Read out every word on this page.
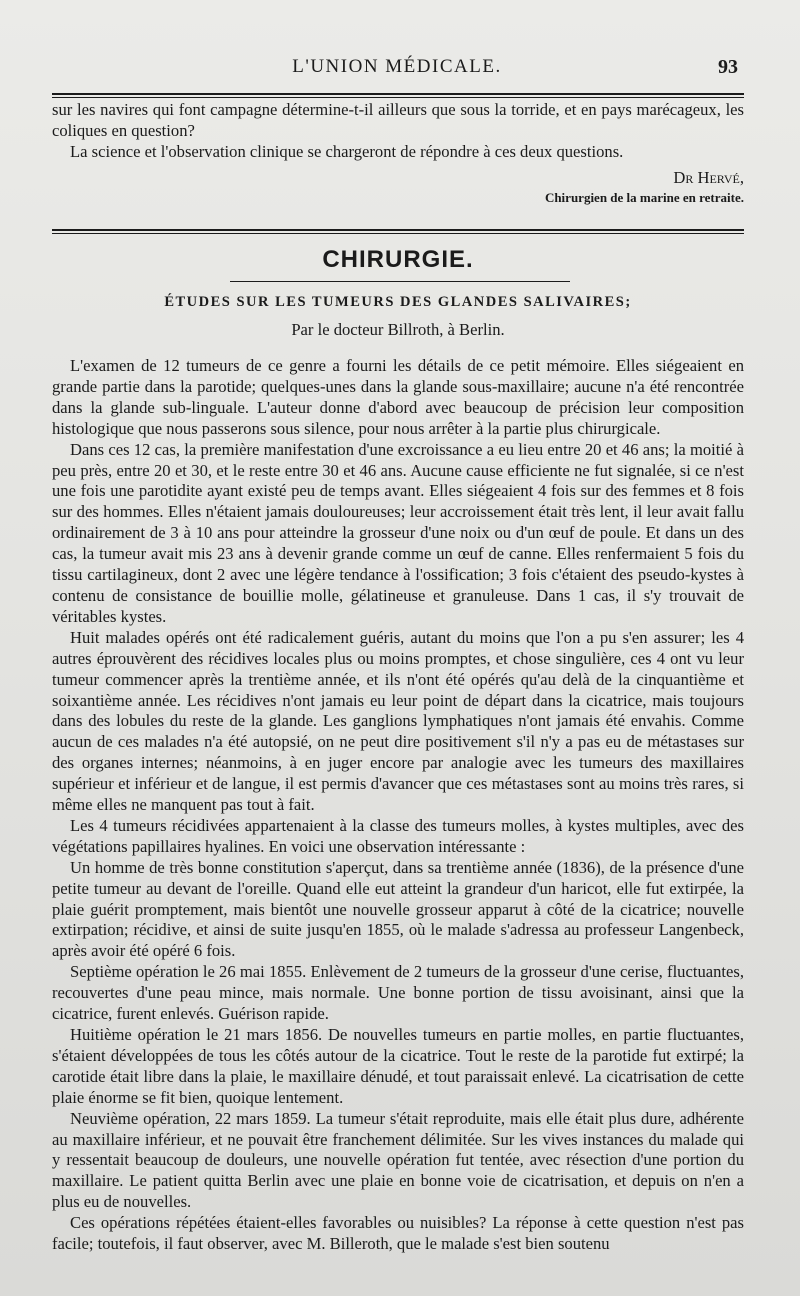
L'UNION MÉDICALE.	93

sur les navires qui font campagne détermine-t-il ailleurs que sous la torride, et en pays marécageux, les coliques en question?

La science et l'observation clinique se chargeront de répondre à ces deux questions.

Dr Hervé,
Chirurgien de la marine en retraite.
CHIRURGIE.
ÉTUDES SUR LES TUMEURS DES GLANDES SALIVAIRES;
Par le docteur Billroth, à Berlin.

L'examen de 12 tumeurs de ce genre a fourni les détails de ce petit mémoire. Elles siégeaient en grande partie dans la parotide; quelques-unes dans la glande sous-maxillaire; aucune n'a été rencontrée dans la glande sub-linguale. L'auteur donne d'abord avec beaucoup de précision leur composition histologique que nous passerons sous silence, pour nous arrêter à la partie plus chirurgicale.

Dans ces 12 cas, la première manifestation d'une excroissance a eu lieu entre 20 et 46 ans; la moitié à peu près, entre 20 et 30, et le reste entre 30 et 46 ans. Aucune cause efficiente ne fut signalée, si ce n'est une fois une parotidite ayant existé peu de temps avant. Elles siégeaient 4 fois sur des femmes et 8 fois sur des hommes. Elles n'étaient jamais douloureuses; leur accroissement était très lent, il leur avait fallu ordinairement de 3 à 10 ans pour atteindre la grosseur d'une noix ou d'un œuf de poule. Et dans un des cas, la tumeur avait mis 23 ans à devenir grande comme un œuf de canne. Elles renfermaient 5 fois du tissu cartilagineux, dont 2 avec une légère tendance à l'ossification; 3 fois c'étaient des pseudo-kystes à contenu de consistance de bouillie molle, gélatineuse et granuleuse. Dans 1 cas, il s'y trouvait de véritables kystes.

Huit malades opérés ont été radicalement guéris, autant du moins que l'on a pu s'en assurer; les 4 autres éprouvèrent des récidives locales plus ou moins promptes, et chose singulière, ces 4 ont vu leur tumeur commencer après la trentième année, et ils n'ont été opérés qu'au delà de la cinquantième et soixantième année. Les récidives n'ont jamais eu leur point de départ dans la cicatrice, mais toujours dans des lobules du reste de la glande. Les ganglions lymphatiques n'ont jamais été envahis. Comme aucun de ces malades n'a été autopsié, on ne peut dire positivement s'il n'y a pas eu de métastases sur des organes internes; néanmoins, à en juger encore par analogie avec les tumeurs des maxillaires supérieur et inférieur et de langue, il est permis d'avancer que ces métastases sont au moins très rares, si même elles ne manquent pas tout à fait.

Les 4 tumeurs récidivées appartenaient à la classe des tumeurs molles, à kystes multiples, avec des végétations papillaires hyalines. En voici une observation intéressante :

Un homme de très bonne constitution s'aperçut, dans sa trentième année (1836), de la présence d'une petite tumeur au devant de l'oreille. Quand elle eut atteint la grandeur d'un haricot, elle fut extirpée, la plaie guérit promptement, mais bientôt une nouvelle grosseur apparut à côté de la cicatrice; nouvelle extirpation; récidive, et ainsi de suite jusqu'en 1855, où le malade s'adressa au professeur Langenbeck, après avoir été opéré 6 fois.

Septième opération le 26 mai 1855. Enlèvement de 2 tumeurs de la grosseur d'une cerise, fluctuantes, recouvertes d'une peau mince, mais normale. Une bonne portion de tissu avoisinant, ainsi que la cicatrice, furent enlevés. Guérison rapide.

Huitième opération le 21 mars 1856. De nouvelles tumeurs en partie molles, en partie fluctuantes, s'étaient développées de tous les côtés autour de la cicatrice. Tout le reste de la parotide fut extirpé; la carotide était libre dans la plaie, le maxillaire dénudé, et tout paraissait enlevé. La cicatrisation de cette plaie énorme se fit bien, quoique lentement.

Neuvième opération, 22 mars 1859. La tumeur s'était reproduite, mais elle était plus dure, adhérente au maxillaire inférieur, et ne pouvait être franchement délimitée. Sur les vives instances du malade qui y ressentait beaucoup de douleurs, une nouvelle opération fut tentée, avec résection d'une portion du maxillaire. Le patient quitta Berlin avec une plaie en bonne voie de cicatrisation, et depuis on n'en a plus eu de nouvelles.

Ces opérations répétées étaient-elles favorables ou nuisibles? La réponse à cette question n'est pas facile; toutefois, il faut observer, avec M. Billeroth, que le malade s'est bien soutenu
